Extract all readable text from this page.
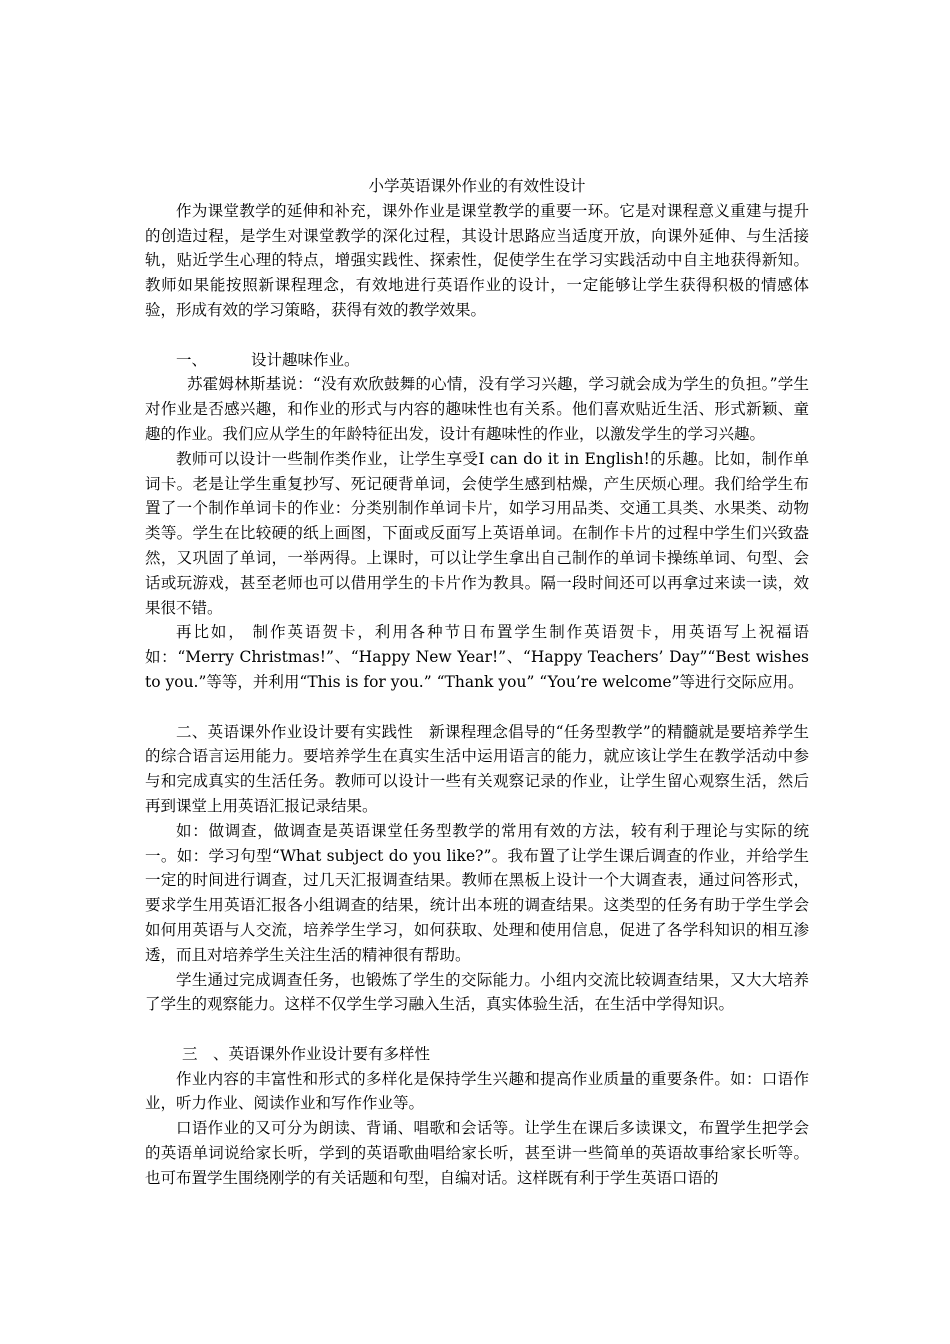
小学英语课外作业的有效性设计

作为课堂教学的延伸和补充，课外作业是课堂教学的重要一环。它是对课程意义重建与提升的创造过程，是学生对课堂教学的深化过程，其设计思路应当适度开放，向课外延伸、与生活接轨，贴近学生心理的特点，增强实践性、探索性，促使学生在学习实践活动中自主地获得新知。教师如果能按照新课程理念，有效地进行英语作业的设计，一定能够让学生获得积极的情感体验，形成有效的学习策略，获得有效的教学效果。

一、	设计趣味作业。

苏霍姆林斯基说：“没有欢欣鼓舞的心情，没有学习兴趣，学习就会成为学生的负担。”学生对作业是否感兴趣，和作业的形式与内容的趣味性也有关系。他们喜欢贴近生活、形式新颖、童趣的作业。我们应从学生的年龄特征出发，设计有趣味性的作业，以激发学生的学习兴趣。

教师可以设计一些制作类作业，让学生享受I can do it in English!的乐趣。比如，制作单词卡。老是让学生重复抄写、死记硬背单词，会使学生感到枯燥，产生厌烦心理。我们给学生布置了一个制作单词卡的作业：分类别制作单词卡片，如学习用品类、交通工具类、水果类、动物类等。学生在比较硬的纸上画图，下面或反面写上英语单词。在制作卡片的过程中学生们兴致盎然，又巩固了单词，一举两得。上课时，可以让学生拿出自己制作的单词卡操练单词、句型、会话或玩游戏，甚至老师也可以借用学生的卡片作为教具。隔一段时间还可以再拿过来读一读，效果很不错。

再比如， 制作英语贺卡，利用各种节日布置学生制作英语贺卡，用英语写上祝福语如：“Merry Christmas!”、“Happy New Year!”、“Happy Teachers’ Day”“Best wishes to you.”等等，并利用“This is for you.” “Thank you” “You’re welcome”等进行交际应用。

二、英语课外作业设计要有实践性　新课程理念倡导的“任务型教学”的精髓就是要培养学生的综合语言运用能力。要培养学生在真实生活中运用语言的能力，就应该让学生在教学活动中参与和完成真实的生活任务。教师可以设计一些有关观察记录的作业，让学生留心观察生活，然后再到课堂上用英语汇报记录结果。

如：做调查，做调查是英语课堂任务型教学的常用有效的方法，较有利于理论与实际的统一。如：学习句型“What subject do you like?”。我布置了让学生课后调查的作业，并给学生一定的时间进行调查，过几天汇报调查结果。教师在黑板上设计一个大调查表，通过问答形式，要求学生用英语汇报各小组调查的结果，统计出本班的调查结果。这类型的任务有助于学生学会如何用英语与人交流，培养学生学习，如何获取、处理和使用信息，促进了各学科知识的相互渗透，而且对培养学生关注生活的精神很有帮助。

学生通过完成调查任务，也锻炼了学生的交际能力。小组内交流比较调查结果，又大大培养了学生的观察能力。这样不仅学生学习融入生活，真实体验生活，在生活中学得知识。

三　、英语课外作业设计要有多样性

作业内容的丰富性和形式的多样化是保持学生兴趣和提高作业质量的重要条件。如：口语作业，听力作业、阅读作业和写作作业等。

口语作业的又可分为朗读、背诵、唱歌和会话等。让学生在课后多读课文，布置学生把学会的英语单词说给家长听，学到的英语歌曲唱给家长听，甚至讲一些简单的英语故事给家长听等。也可布置学生围绕刚学的有关话题和句型，自编对话。这样既有利于学生英语口语的
